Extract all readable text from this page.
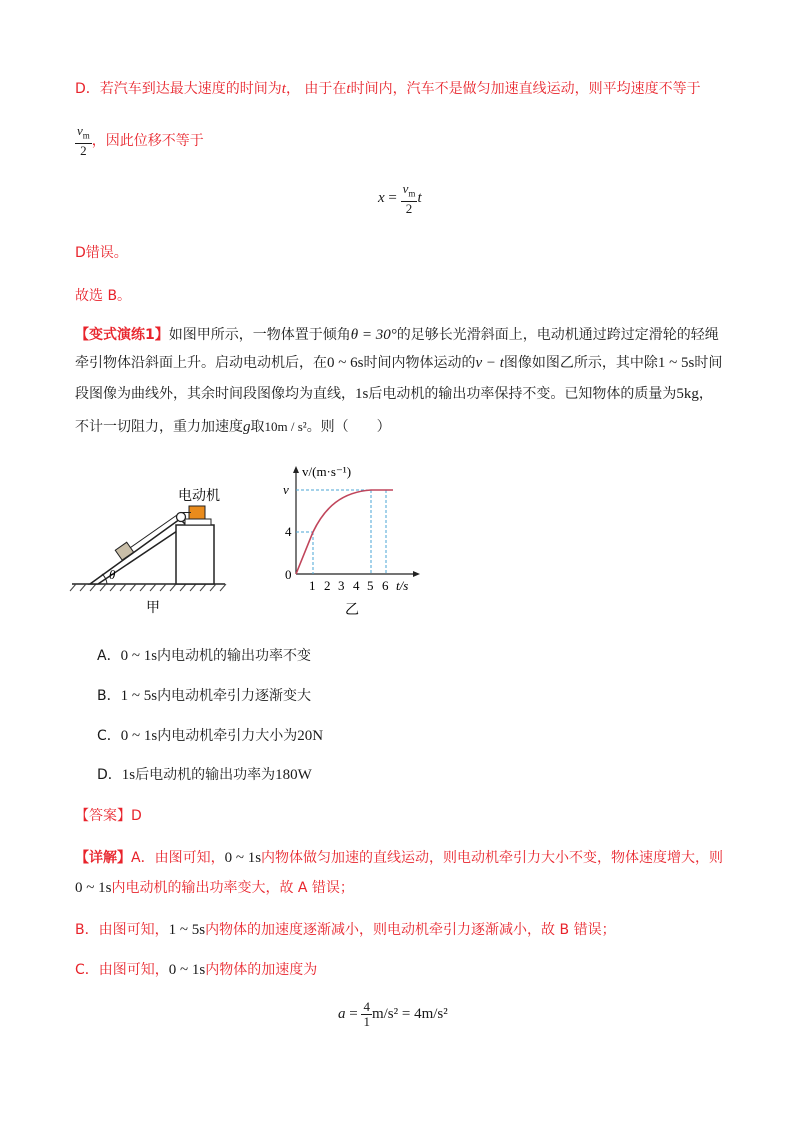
D．若汽车到达最大速度的时间为t， 由于在t时间内，汽车不是做匀加速直线运动，则平均速度不等于
$\frac{v_m}{2}$ ，因此位移不等于
$x = \frac{v_m}{2}$ t
D错误。
故选 B。
【变式演练1】如图甲所示，一物体置于倾角θ = 30°的足够长光滑斜面上，电动机通过跨过定滑轮的轻绳
牵引物体沿斜面上升。启动电动机后，在0 ~ 6s时间内物体运动的v − t图像如图乙所示，其中除1 ~ 5s时间
段图像为曲线外，其余时间段图像均为直线，1s后电动机的输出功率保持不变。已知物体的质量为5kg，
不计一切阻力，重力加速度g取10m / s²。则（　　）
θ
电动机
甲
v/(m·s⁻¹)
v
4
0
1 2 3 4 5 6 t/s
乙
A．0 ~ 1s内电动机的输出功率不变
B．1 ~ 5s内电动机牵引力逐渐变大
C．0 ~ 1s内电动机牵引力大小为20N
D．1s后电动机的输出功率为180W
【答案】D
【详解】A．由图可知，0 ~ 1s内物体做匀加速的直线运动，则电动机牵引力大小不变，物体速度增大，则
0 ~ 1s内电动机的输出功率变大，故 A 错误；
B．由图可知，1 ~ 5s内物体的加速度逐渐减小，则电动机牵引力逐渐减小，故 B 错误；
C．由图可知，0 ~ 1s内物体的加速度为
$a = \frac{4}{1} m/s^2 = 4m/s^2$
